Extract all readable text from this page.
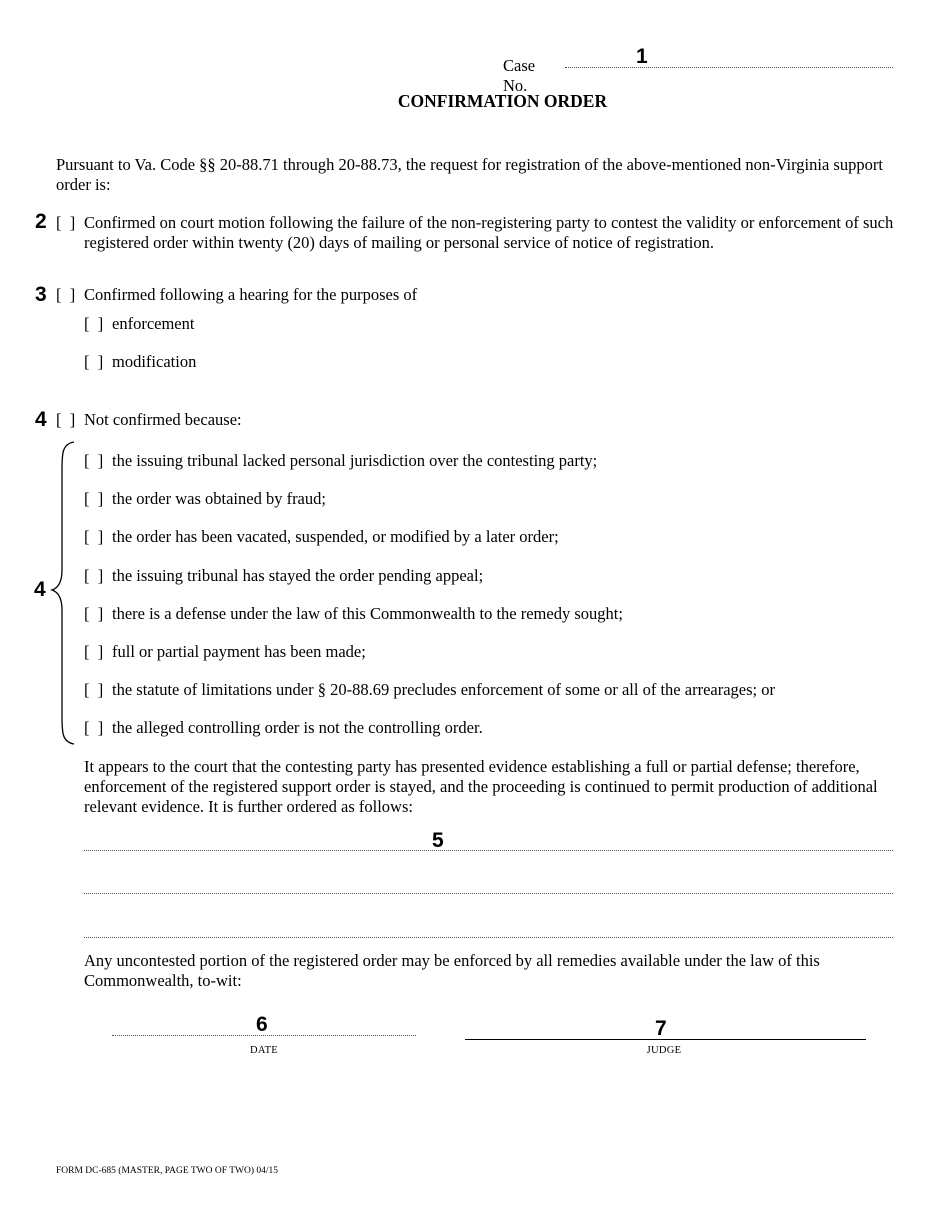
Case No.
1
CONFIRMATION ORDER
Pursuant to Va. Code §§ 20-88.71 through 20-88.73, the request for registration of the above-mentioned non-Virginia support order is:
2 [  ] Confirmed on court motion following the failure of the non-registering party to contest the validity or enforcement of such registered order within twenty (20) days of mailing or personal service of notice of registration.
3 [  ] Confirmed following a hearing for the purposes of
[  ] enforcement
[  ] modification
4 [  ] Not confirmed because:
4
[  ] the issuing tribunal lacked personal jurisdiction over the contesting party;
[  ] the order was obtained by fraud;
[  ] the order has been vacated, suspended, or modified by a later order;
[  ] the issuing tribunal has stayed the order pending appeal;
[  ] there is a defense under the law of this Commonwealth to the remedy sought;
[  ] full or partial payment has been made;
[  ] the statute of limitations under § 20-88.69 precludes enforcement of some or all of the arrearages; or
[  ] the alleged controlling order is not the controlling order.
It appears to the court that the contesting party has presented evidence establishing a full or partial defense; therefore, enforcement of the registered support order is stayed, and the proceeding is continued to permit production of additional relevant evidence. It is further ordered as follows:
5
Any uncontested portion of the registered order may be enforced by all remedies available under the law of this Commonwealth, to-wit:
6
DATE
7
JUDGE
FORM DC-685 (MASTER, PAGE TWO OF TWO) 04/15
